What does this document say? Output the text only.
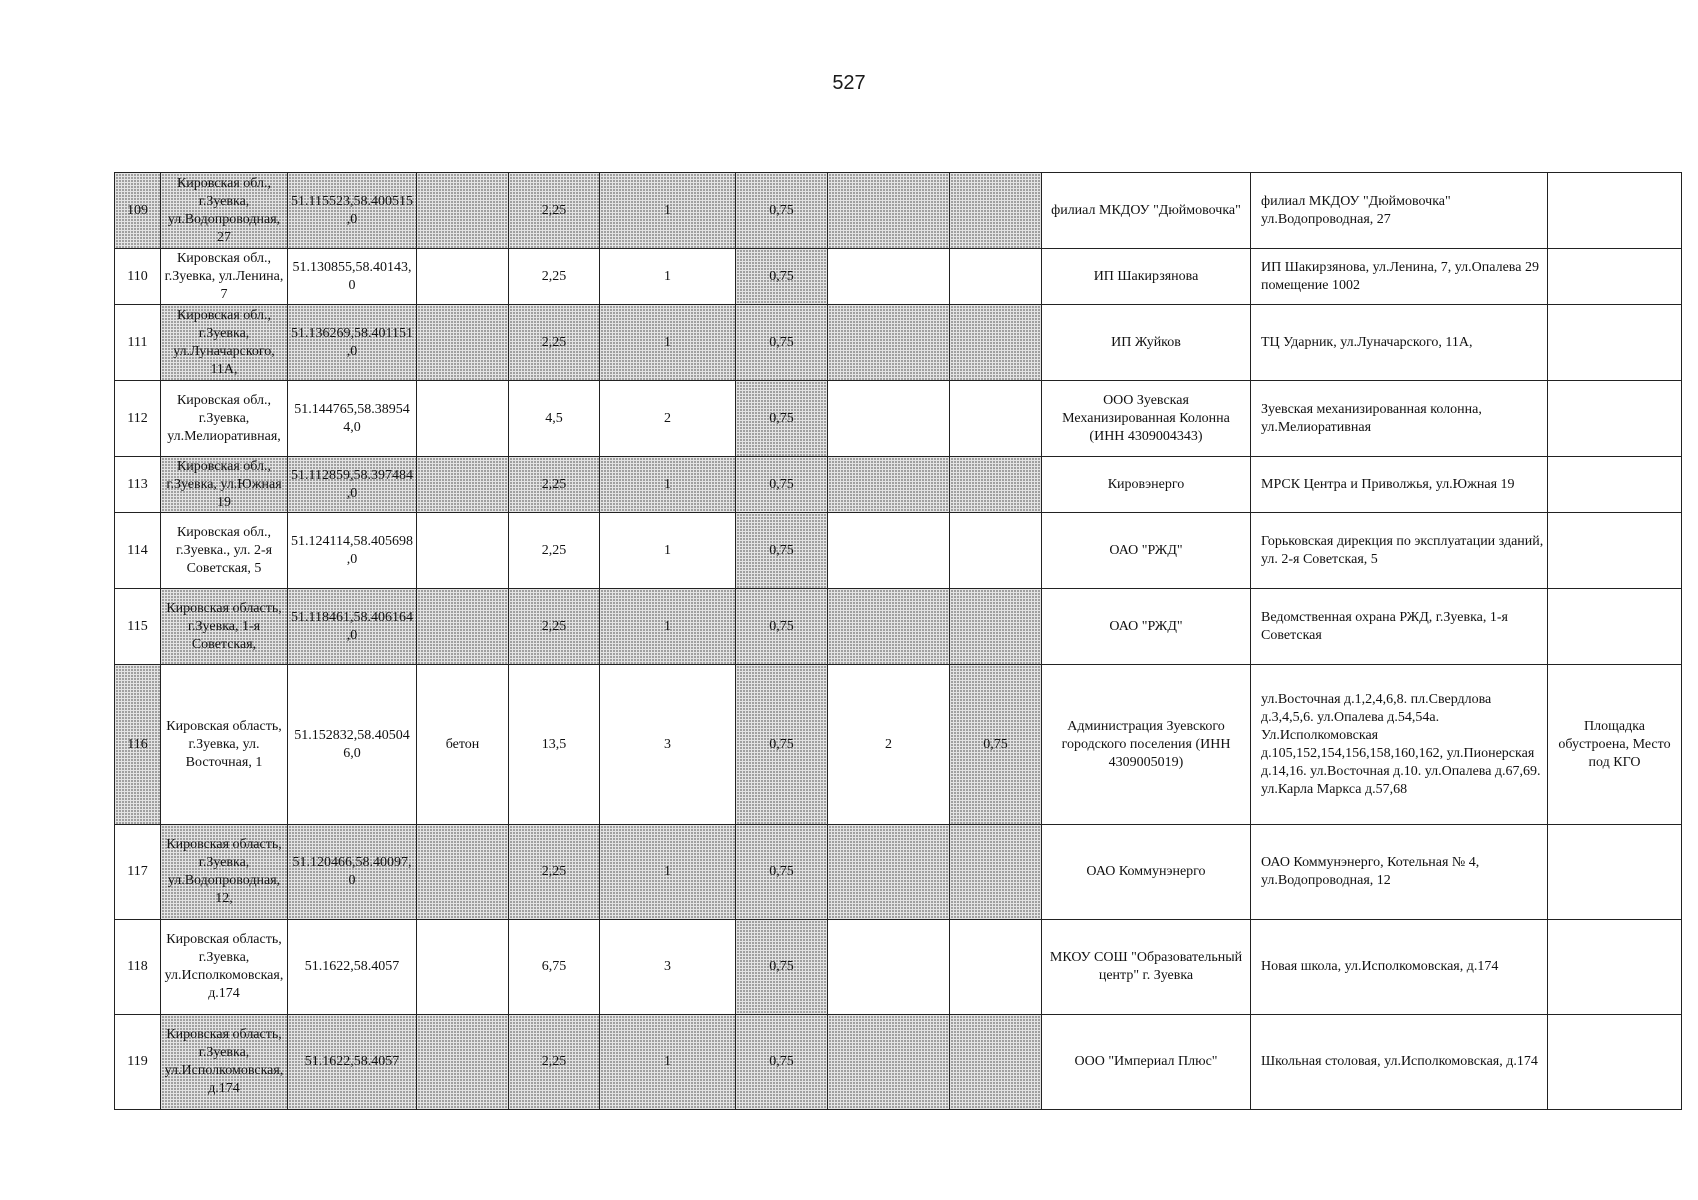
527
109	Кировская обл., г.Зуевка, ул.Водопроводная, 27	51.115523,58.400515,0		2,25	1	0,75			филиал МКДОУ "Дюймовочка"	филиал МКДОУ "Дюймовочка" ул.Водопроводная, 27	
110	Кировская обл., г.Зуевка, ул.Ленина, 7	51.130855,58.40143,0		2,25	1	0,75			ИП Шакирзянова	ИП Шакирзянова, ул.Ленина, 7, ул.Опалева 29 помещение 1002	
111	Кировская обл., г.Зуевка, ул.Луначарского, 11А,	51.136269,58.401151,0		2,25	1	0,75			ИП Жуйков	ТЦ Ударник, ул.Луначарского, 11А,	
112	Кировская обл., г.Зуевка, ул.Мелиоративная,	51.144765,58.389544,0		4,5	2	0,75			ООО Зуевская Механизированная Колонна (ИНН 4309004343)	Зуевская механизированная колонна, ул.Мелиоративная	
113	Кировская обл., г.Зуевка, ул.Южная 19	51.112859,58.397484,0		2,25	1	0,75			Кировэнерго	МРСК Центра и Приволжья, ул.Южная 19	
114	Кировская обл., г.Зуевка., ул. 2-я Советская, 5	51.124114,58.405698,0		2,25	1	0,75			ОАО "РЖД"	Горьковская дирекция по эксплуатации зданий, ул. 2-я Советская, 5	
115	Кировская область, г.Зуевка, 1-я Советская,	51.118461,58.406164,0		2,25	1	0,75			ОАО "РЖД"	Ведомственная охрана РЖД, г.Зуевка, 1-я Советская	
116	Кировская область, г.Зуевка, ул. Восточная, 1	51.152832,58.405046,0	бетон	13,5	3	0,75	2	0,75	Администрация Зуевского городского поселения (ИНН 4309005019)	ул.Восточная д.1,2,4,6,8. пл.Свердлова д.3,4,5,6. ул.Опалева д.54,54а. Ул.Исполкомовская д.105,152,154,156,158,160,162, ул.Пионерская д.14,16. ул.Восточная д.10. ул.Опалева д.67,69. ул.Карла Маркса д.57,68	Площадка обустроена, Место под КГО
117	Кировская область, г.Зуевка, ул.Водопроводная, 12,	51.120466,58.40097,0		2,25	1	0,75			ОАО Коммунэнерго	ОАО Коммунэнерго, Котельная № 4, ул.Водопроводная, 12	
118	Кировская область, г.Зуевка, ул.Исполкомовская, д.174	51.1622,58.4057		6,75	3	0,75			МКОУ СОШ "Образовательный центр" г. Зуевка	Новая школа, ул.Исполкомовская, д.174	
119	Кировская область, г.Зуевка, ул.Исполкомовская, д.174	51.1622,58.4057		2,25	1	0,75			ООО "Империал Плюс"	Школьная столовая, ул.Исполкомовская, д.174	
